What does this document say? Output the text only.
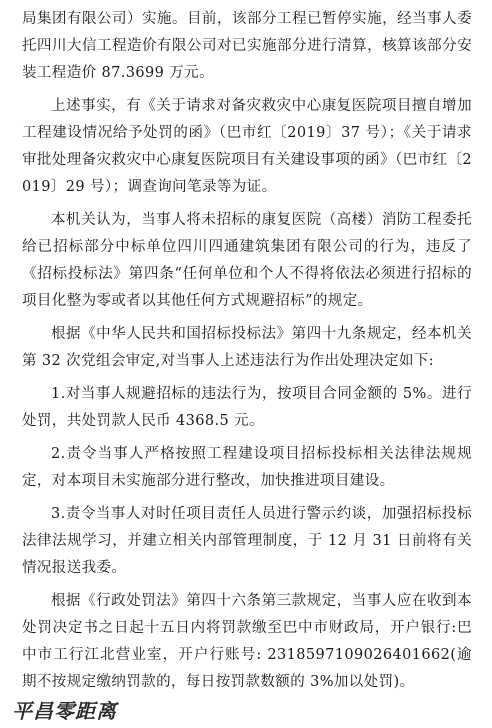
局集团有限公司）实施。目前，该部分工程已暂停实施，经当事人委托四川大信工程造价有限公司对已实施部分进行清算，核算该部分安装工程造价 87.3699 万元。

上述事实，有《关于请求对备灾救灾中心康复医院项目擅自增加工程建设情况给予处罚的函》（巴市红〔2019〕37 号）；《关于请求审批处理备灾救灾中心康复医院项目有关建设事项的函》（巴市红〔2019〕29 号）；调查询问笔录等为证。

本机关认为，当事人将未招标的康复医院（高楼）消防工程委托给已招标部分中标单位四川四通建筑集团有限公司的行为，违反了《招标投标法》第四条“任何单位和个人不得将依法必须进行招标的项目化整为零或者以其他任何方式规避招标”的规定。

根据《中华人民共和国招标投标法》第四十九条规定，经本机关第 32 次党组会审定,对当事人上述违法行为作出处理决定如下:

1.对当事人规避招标的违法行为，按项目合同金额的 5%。进行处罚，共处罚款人民币 4368.5 元。

2.责令当事人严格按照工程建设项目招标投标相关法律法规规定，对本项目未实施部分进行整改，加快推进项目建设。

3.责令当事人对时任项目责任人员进行警示约谈，加强招标投标法律法规学习，并建立相关内部管理制度，于 12 月 31 日前将有关情况报送我委。

根据《行政处罚法》第四十六条第三款规定，当事人应在收到本处罚决定书之日起十五日内将罚款缴至巴中市财政局，开户银行:巴中市工行江北营业室，开户行账号: 2318597109026401662(逾期不按规定缴纳罚款的，每日按罚款数额的 3%加以处罚)。

平昌零距离
